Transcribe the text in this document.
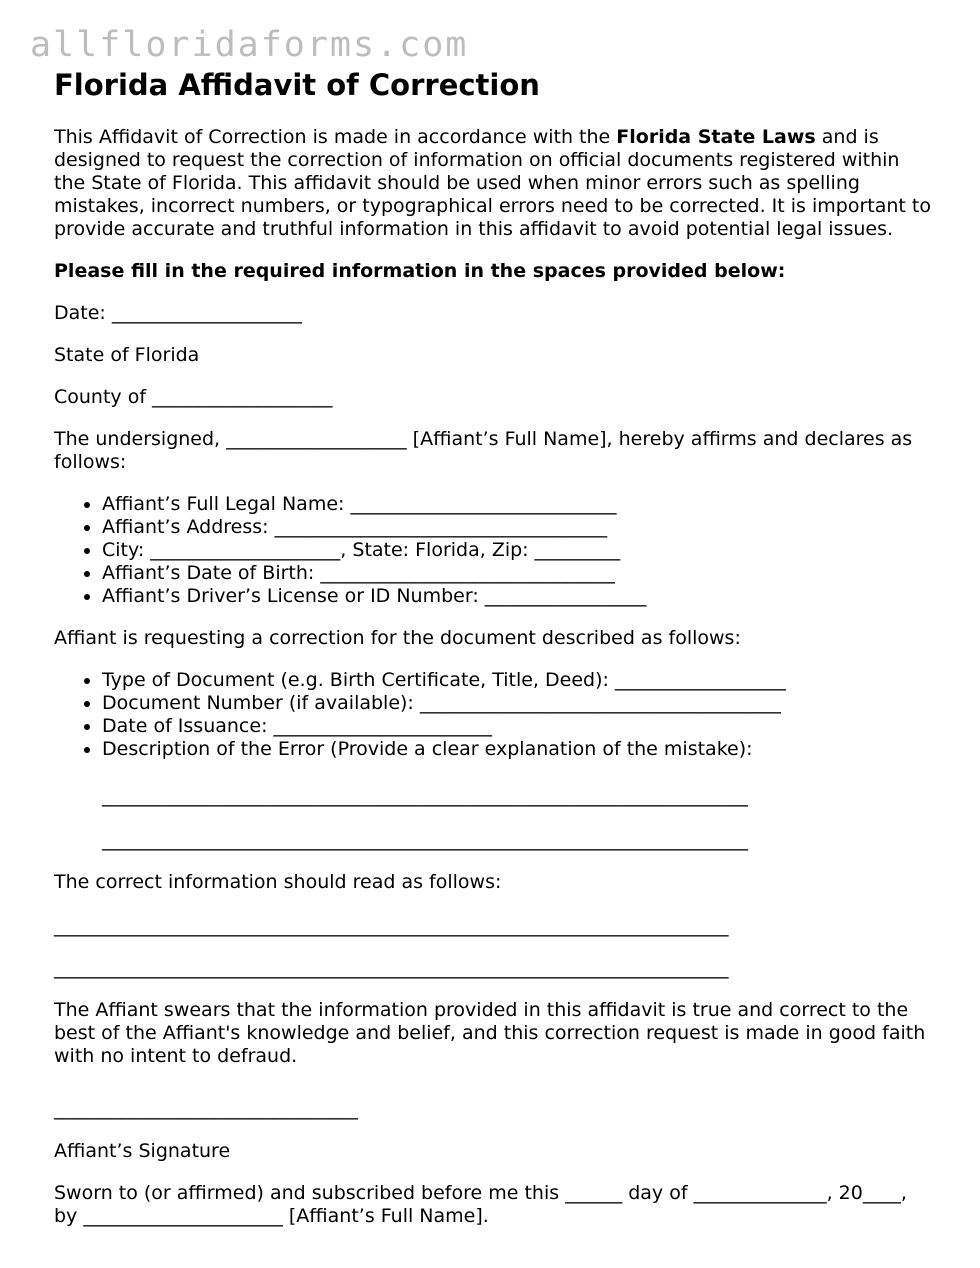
allfloridaforms.com
Florida Affidavit of Correction

This Affidavit of Correction is made in accordance with the Florida State Laws and is designed to request the correction of information on official documents registered within the State of Florida. This affidavit should be used when minor errors such as spelling mistakes, incorrect numbers, or typographical errors need to be corrected. It is important to provide accurate and truthful information in this affidavit to avoid potential legal issues.

Please fill in the required information in the spaces provided below:

Date: ____________________

State of Florida

County of ___________________

The undersigned, ___________________ [Affiant’s Full Name], hereby affirms and declares as follows:

• Affiant’s Full Legal Name: ____________________________
• Affiant’s Address: ___________________________________
• City: ____________________, State: Florida, Zip: _________
• Affiant’s Date of Birth: _______________________________
• Affiant’s Driver’s License or ID Number: _________________

Affiant is requesting a correction for the document described as follows:

• Type of Document (e.g. Birth Certificate, Title, Deed): __________________
• Document Number (if available): ______________________________________
• Date of Issuance: _______________________
• Description of the Error (Provide a clear explanation of the mistake):

____________________________________________________________________

____________________________________________________________________

The correct information should read as follows:

_______________________________________________________________________

_______________________________________________________________________

The Affiant swears that the information provided in this affidavit is true and correct to the best of the Affiant's knowledge and belief, and this correction request is made in good faith with no intent to defraud.

________________________________

Affiant’s Signature

Sworn to (or affirmed) and subscribed before me this ______ day of ______________, 20____, by _____________________ [Affiant’s Full Name].
